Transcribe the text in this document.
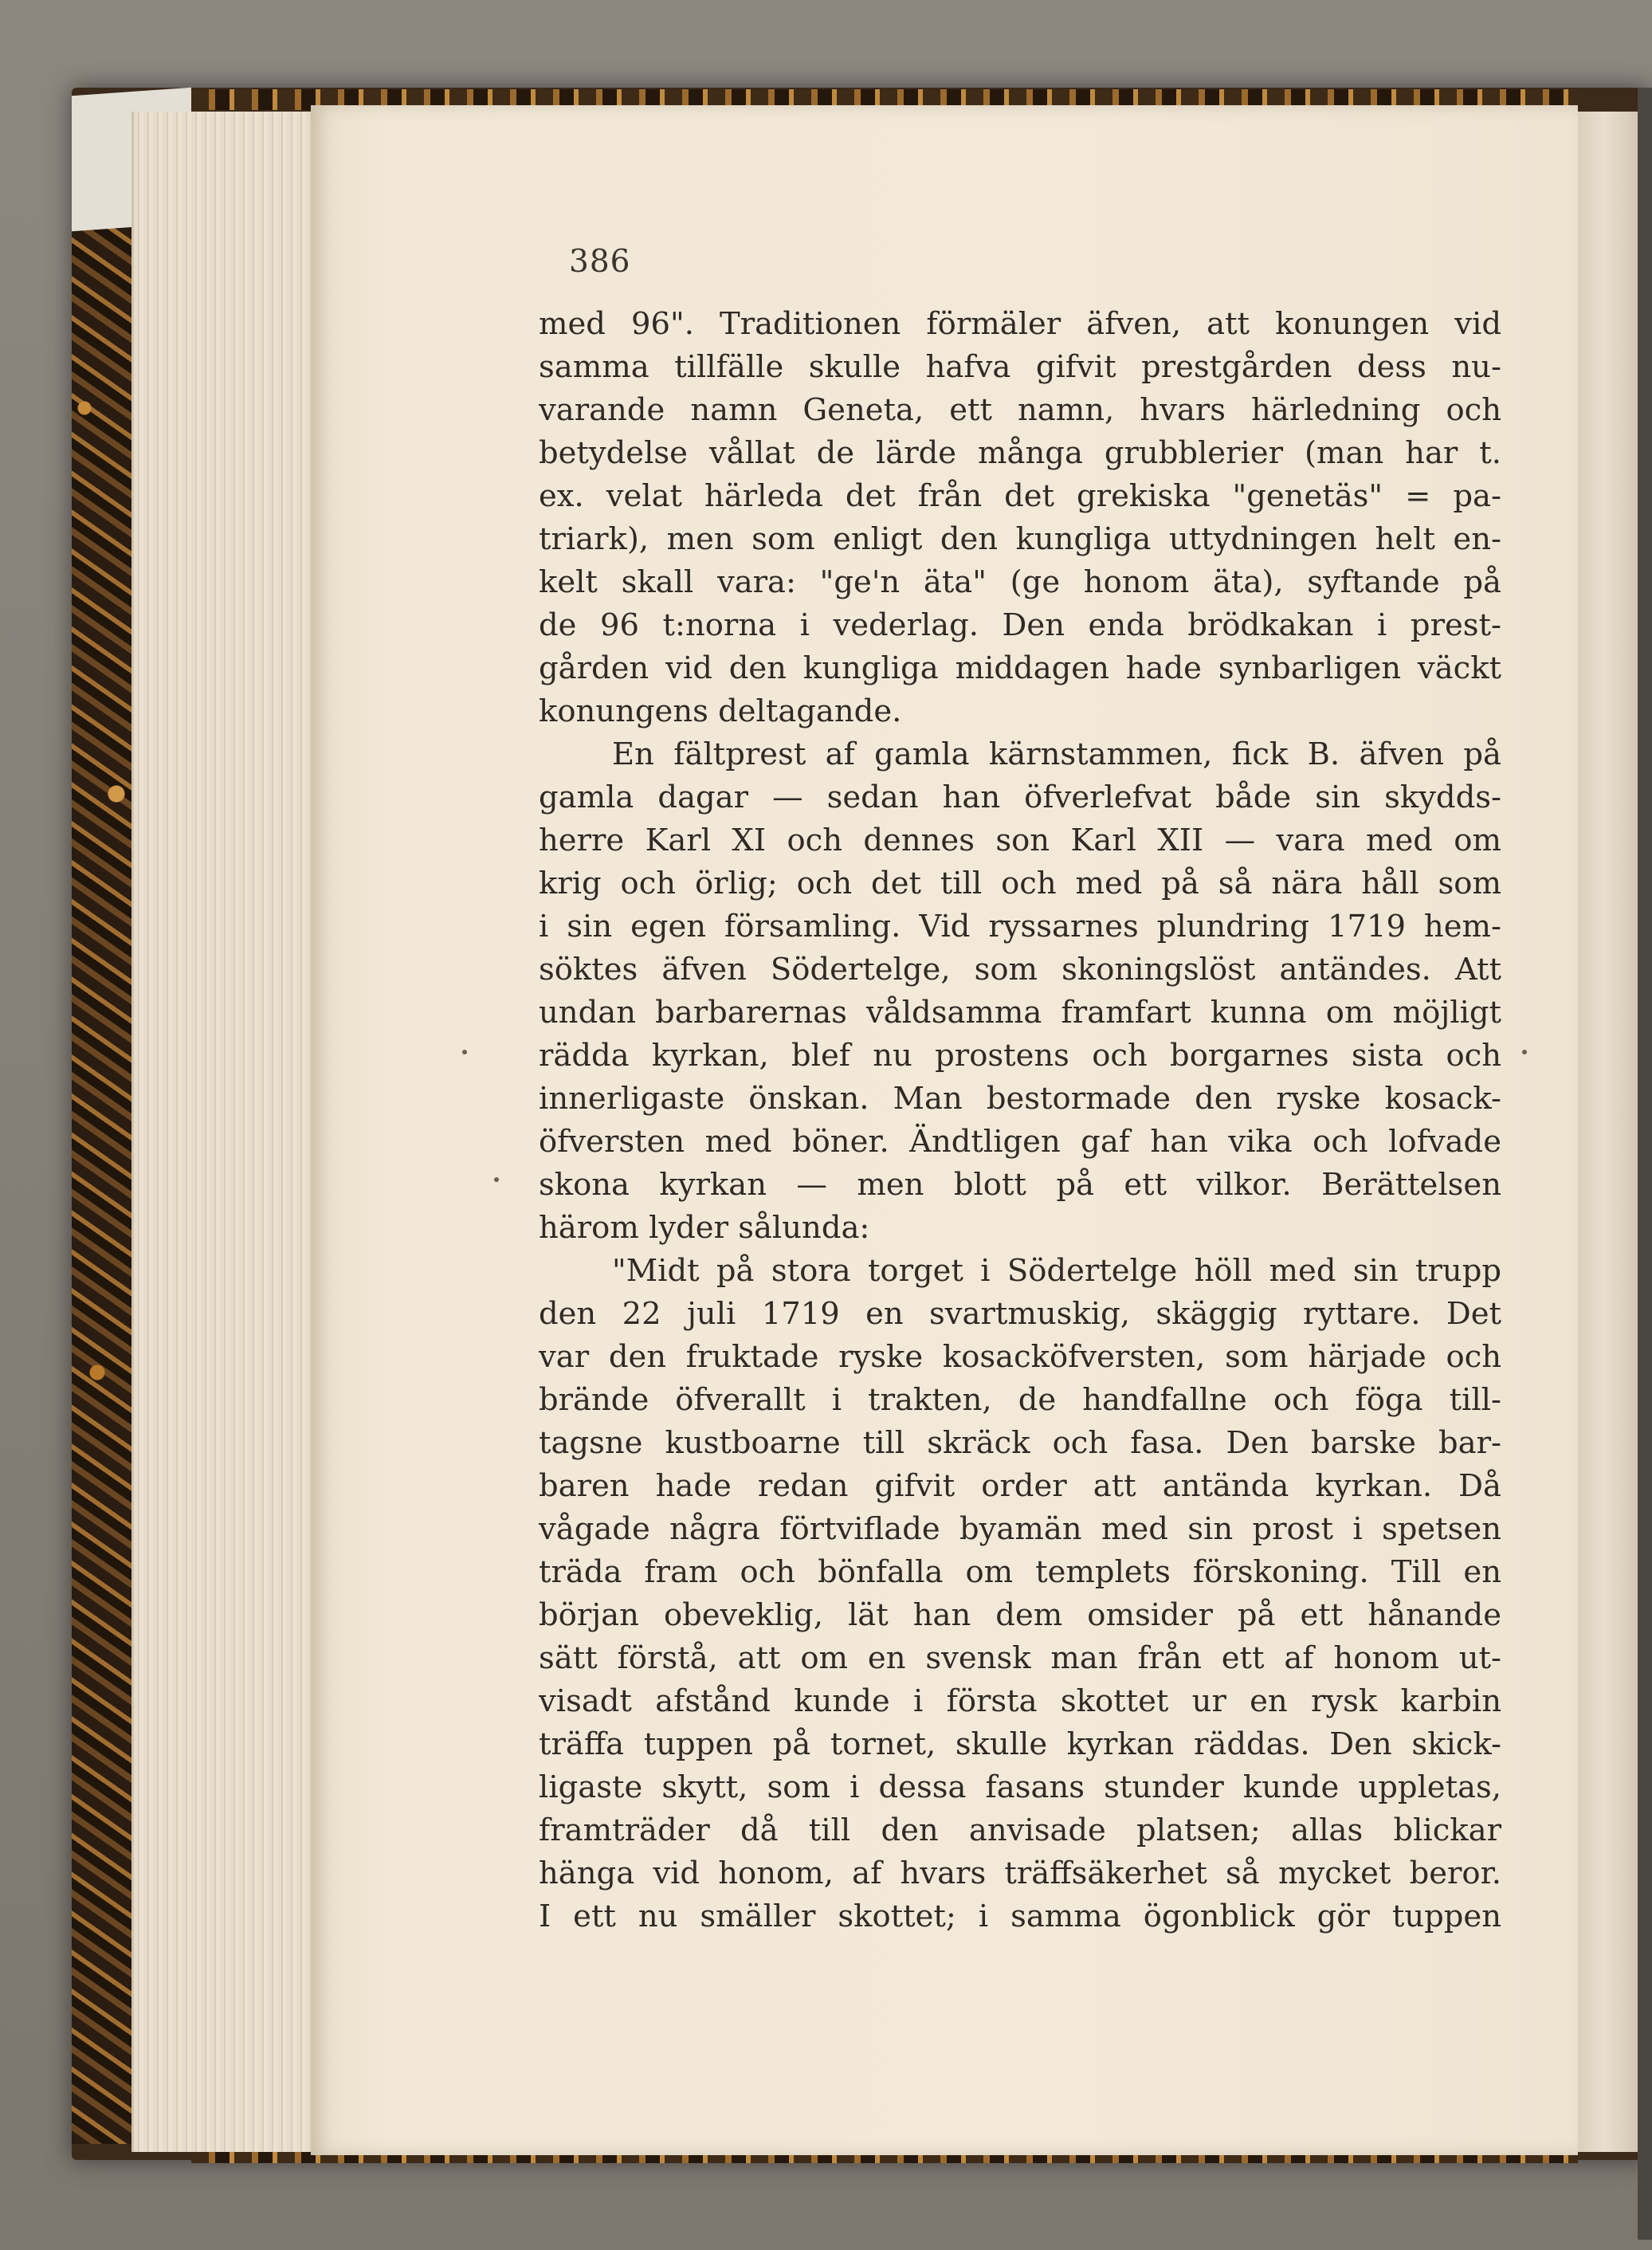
386
med 96". Traditionen förmäler äfven, att konungen vid
samma tillfälle skulle hafva gifvit prestgården dess nu-
varande namn Geneta, ett namn, hvars härledning och
betydelse vållat de lärde många grubblerier (man har t.
ex. velat härleda det från det grekiska "genetäs" = pa-
triark), men som enligt den kungliga uttydningen helt en-
kelt skall vara: "ge'n äta" (ge honom äta), syftande på
de 96 t:norna i vederlag. Den enda brödkakan i prest-
gården vid den kungliga middagen hade synbarligen väckt
konungens deltagande.
En fältprest af gamla kärnstammen, fick B. äfven på
gamla dagar — sedan han öfverlefvat både sin skydds-
herre Karl XI och dennes son Karl XII — vara med om
krig och örlig; och det till och med på så nära håll som
i sin egen församling. Vid ryssarnes plundring 1719 hem-
söktes äfven Södertelge, som skoningslöst antändes. Att
undan barbarernas våldsamma framfart kunna om möjligt
rädda kyrkan, blef nu prostens och borgarnes sista och
innerligaste önskan. Man bestormade den ryske kosack-
öfversten med böner. Ändtligen gaf han vika och lofvade
skona kyrkan — men blott på ett vilkor. Berättelsen
härom lyder sålunda:
"Midt på stora torget i Södertelge höll med sin trupp
den 22 juli 1719 en svartmuskig, skäggig ryttare. Det
var den fruktade ryske kosacköfversten, som härjade och
brände öfverallt i trakten, de handfallne och föga till-
tagsne kustboarne till skräck och fasa. Den barske bar-
baren hade redan gifvit order att antända kyrkan. Då
vågade några förtviflade byamän med sin prost i spetsen
träda fram och bönfalla om templets förskoning. Till en
början obeveklig, lät han dem omsider på ett hånande
sätt förstå, att om en svensk man från ett af honom ut-
visadt afstånd kunde i första skottet ur en rysk karbin
träffa tuppen på tornet, skulle kyrkan räddas. Den skick-
ligaste skytt, som i dessa fasans stunder kunde uppletas,
framträder då till den anvisade platsen; allas blickar
hänga vid honom, af hvars träffsäkerhet så mycket beror.
I ett nu smäller skottet; i samma ögonblick gör tuppen
